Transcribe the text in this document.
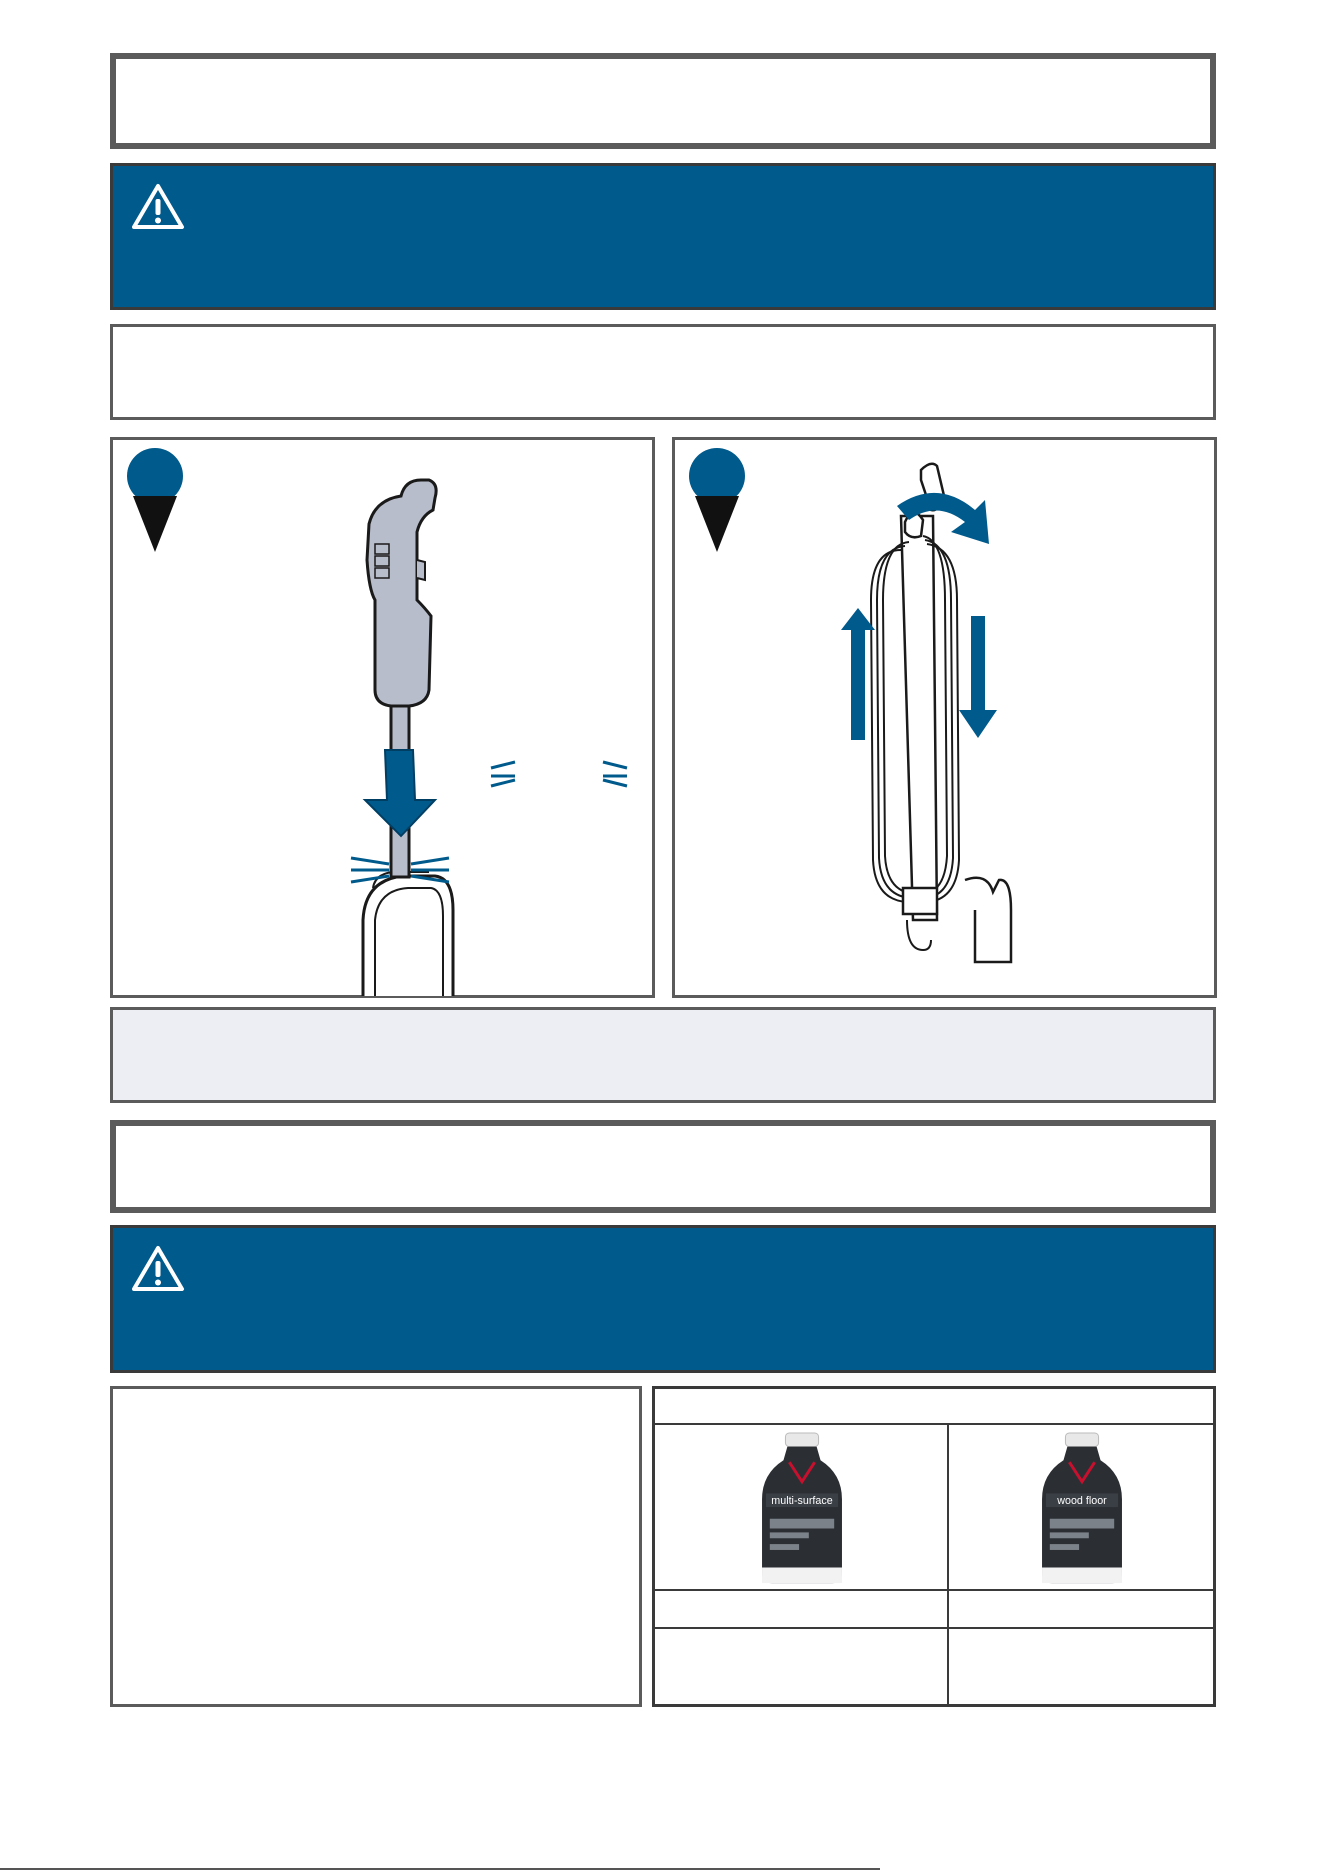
multi-surface	wood floor
